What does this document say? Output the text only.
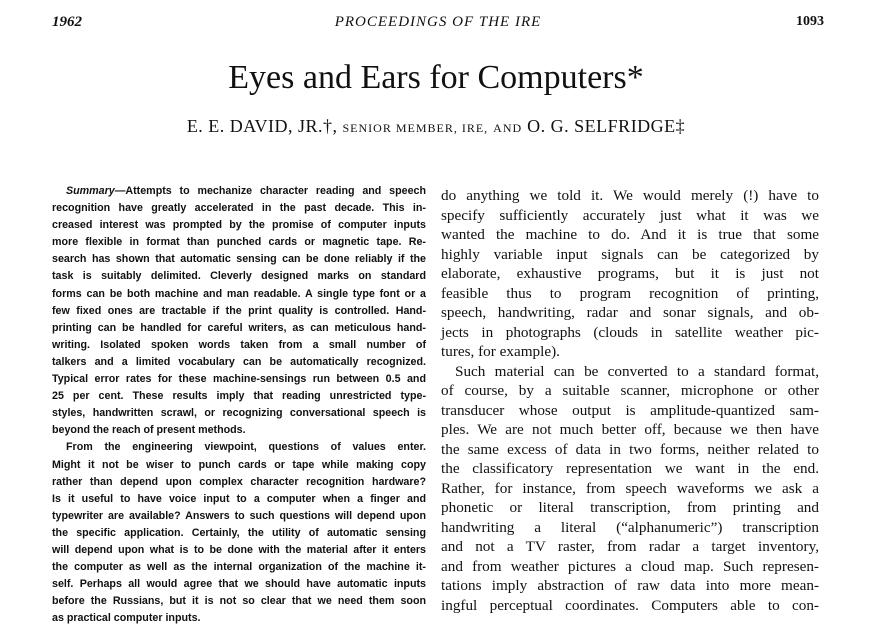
1962	PROCEEDINGS OF THE IRE	1093
Eyes and Ears for Computers*
E. E. DAVID, JR.†, SENIOR MEMBER, IRE, AND O. G. SELFRIDGE‡
Summary—Attempts to mechanize character reading and speech
recognition have greatly accelerated in the past decade. This in-
creased interest was prompted by the promise of computer inputs
more flexible in format than punched cards or magnetic tape. Re-
search has shown that automatic sensing can be done reliably if the
task is suitably delimited. Cleverly designed marks on standard
forms can be both machine and man readable. A single type font or a
few fixed ones are tractable if the print quality is controlled. Hand-
printing can be handled for careful writers, as can meticulous hand-
writing. Isolated spoken words taken from a small number of
talkers and a limited vocabulary can be automatically recognized.
Typical error rates for these machine-sensings run between 0.5 and
25 per cent. These results imply that reading unrestricted type-
styles, handwritten scrawl, or recognizing conversational speech is
beyond the reach of present methods.
From the engineering viewpoint, questions of values enter.
Might it not be wiser to punch cards or tape while making copy
rather than depend upon complex character recognition hardware?
Is it useful to have voice input to a computer when a finger and
typewriter are available? Answers to such questions will depend upon
the specific application. Certainly, the utility of automatic sensing
will depend upon what is to be done with the material after it enters
the computer as well as the internal organization of the machine it-
self. Perhaps all would agree that we should have automatic inputs
before the Russians, but it is not so clear that we need them soon
as practical computer inputs.
do anything we told it. We would merely (!) have to
specify sufficiently accurately just what it was we
wanted the machine to do. And it is true that some
highly variable input signals can be categorized by
elaborate, exhaustive programs, but it is just not
feasible thus to program recognition of printing,
speech, handwriting, radar and sonar signals, and ob-
jects in photographs (clouds in satellite weather pic-
tures, for example).
Such material can be converted to a standard format,
of course, by a suitable scanner, microphone or other
transducer whose output is amplitude-quantized sam-
ples. We are not much better off, because we then have
the same excess of data in two forms, neither related to
the classificatory representation we want in the end.
Rather, for instance, from speech waveforms we ask a
phonetic or literal transcription, from printing and
handwriting a literal (“alphanumeric”) transcription
and not a TV raster, from radar a target inventory,
and from weather pictures a cloud map. Such represen-
tations imply abstraction of raw data into more mean-
ingful perceptual coordinates. Computers able to con-
